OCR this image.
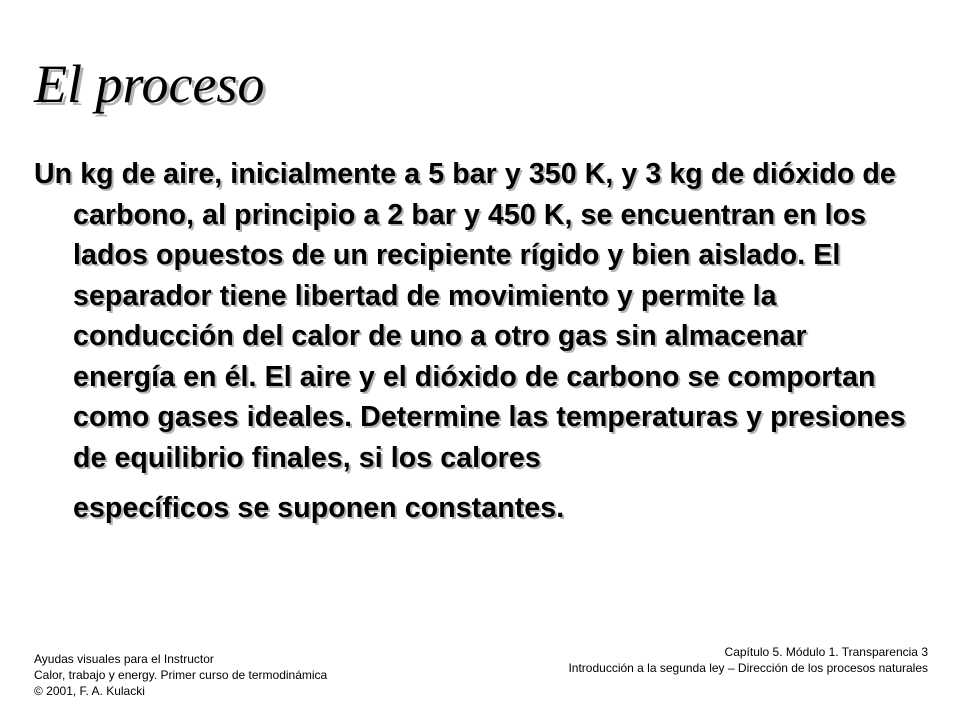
El proceso

Un kg de aire, inicialmente a 5 bar y 350 K, y 3 kg de dióxido de carbono, al principio a 2 bar y 450 K, se encuentran en los lados opuestos de un recipiente rígido y bien aislado. El separador tiene libertad de movimiento y permite la conducción del calor de uno a otro gas sin almacenar energía en él. El aire y el dióxido de carbono se comportan como gases ideales. Determine las temperaturas y presiones de equilibrio finales, si los calores
específicos se suponen constantes.

Ayudas visuales para el Instructor
Calor, trabajo y energy. Primer curso de termodinámica
© 2001, F. A. Kulacki
Capítulo 5. Módulo 1. Transparencia 3
Introducción a la segunda ley – Dirección de los procesos naturales
